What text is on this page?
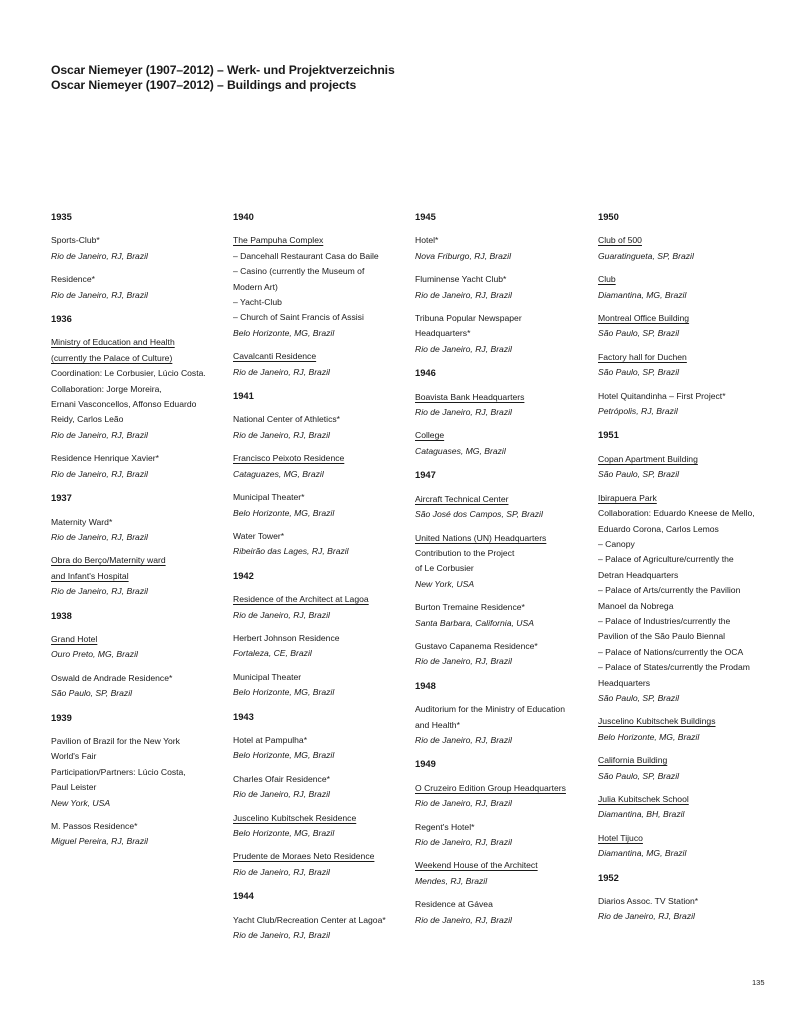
Oscar Niemeyer (1907–2012) – Werk- und Projektverzeichnis
Oscar Niemeyer (1907–2012) – Buildings and projects
1935
Sports-Club*
Rio de Janeiro, RJ, Brazil
Residence*
Rio de Janeiro, RJ, Brazil
1936
Ministry of Education and Health
(currently the Palace of Culture)
Coordination: Le Corbusier, Lúcio Costa.
Collaboration: Jorge Moreira,
Ernani Vasconcellos, Affonso Eduardo
Reidy, Carlos Leão
Rio de Janeiro, RJ, Brazil
Residence Henrique Xavier*
Rio de Janeiro, RJ, Brazil
1937
Maternity Ward*
Rio de Janeiro, RJ, Brazil
Obra do Berço/Maternity ward
and Infant's Hospital
Rio de Janeiro, RJ, Brazil
1938
Grand Hotel
Ouro Preto, MG, Brazil
Oswald de Andrade Residence*
São Paulo, SP, Brazil
1939
Pavilion of Brazil for the New York
World's Fair
Participation/Partners: Lúcio Costa,
Paul Leister
New York, USA
M. Passos Residence*
Miguel Pereira, RJ, Brazil
1940
The Pampuha Complex
– Dancehall Restaurant Casa do Baile
– Casino (currently the Museum of
Modern Art)
– Yacht-Club
– Church of Saint Francis of Assisi
Belo Horizonte, MG, Brazil
Cavalcanti Residence
Rio de Janeiro, RJ, Brazil
1941
National Center of Athletics*
Rio de Janeiro, RJ, Brazil
Francisco Peixoto Residence
Cataguazes, MG, Brazil
Municipal Theater*
Belo Horizonte, MG, Brazil
Water Tower*
Ribeirão das Lages, RJ, Brazil
1942
Residence of the Architect at Lagoa
Rio de Janeiro, RJ, Brazil
Herbert Johnson Residence
Fortaleza, CE, Brazil
Municipal Theater
Belo Horizonte, MG, Brazil
1943
Hotel at Pampulha*
Belo Horizonte, MG, Brazil
Charles Ofair Residence*
Rio de Janeiro, RJ, Brazil
Juscelino Kubitschek Residence
Belo Horizonte, MG, Brazil
Prudente de Moraes Neto Residence
Rio de Janeiro, RJ, Brazil
1944
Yacht Club/Recreation Center at Lagoa*
Rio de Janeiro, RJ, Brazil
1945
Hotel*
Nova Friburgo, RJ, Brazil
Fluminense Yacht Club*
Rio de Janeiro, RJ, Brazil
Tribuna Popular Newspaper
Headquarters*
Rio de Janeiro, RJ, Brazil
1946
Boavista Bank Headquarters
Rio de Janeiro, RJ, Brazil
College
Cataguases, MG, Brazil
1947
Aircraft Technical Center
São José dos Campos, SP, Brazil
United Nations (UN) Headquarters
Contribution to the Project
of Le Corbusier
New York, USA
Burton Tremaine Residence*
Santa Barbara, California, USA
Gustavo Capanema Residence*
Rio de Janeiro, RJ, Brazil
1948
Auditorium for the Ministry of Education
and Health*
Rio de Janeiro, RJ, Brazil
1949
O Cruzeiro Edition Group Headquarters
Rio de Janeiro, RJ, Brazil
Regent's Hotel*
Rio de Janeiro, RJ, Brazil
Weekend House of the Architect
Mendes, RJ, Brazil
Residence at Gávea
Rio de Janeiro, RJ, Brazil
1950
Club of 500
Guaratingueta, SP, Brazil
Club
Diamantina, MG, Brazil
Montreal Office Building
São Paulo, SP, Brazil
Factory hall for Duchen
São Paulo, SP, Brazil
Hotel Quitandinha – First Project*
Petrópolis, RJ, Brazil
1951
Copan Apartment Building
São Paulo, SP, Brazil
Ibirapuera Park
Collaboration: Eduardo Kneese de Mello,
Eduardo Corona, Carlos Lemos
– Canopy
– Palace of Agriculture/currently the
Detran Headquarters
– Palace of Arts/currently the Pavilion
Manoel da Nobrega
– Palace of Industries/currently the
Pavilion of the São Paulo Biennal
– Palace of Nations/currently the OCA
– Palace of States/currently the Prodam
Headquarters
São Paulo, SP, Brazil
Juscelino Kubitschek Buildings
Belo Horizonte, MG, Brazil
California Building
São Paulo, SP, Brazil
Julia Kubitschek School
Diamantina, BH, Brazil
Hotel Tijuco
Diamantina, MG, Brazil
1952
Diarios Assoc. TV Station*
Rio de Janeiro, RJ, Brazil
135
